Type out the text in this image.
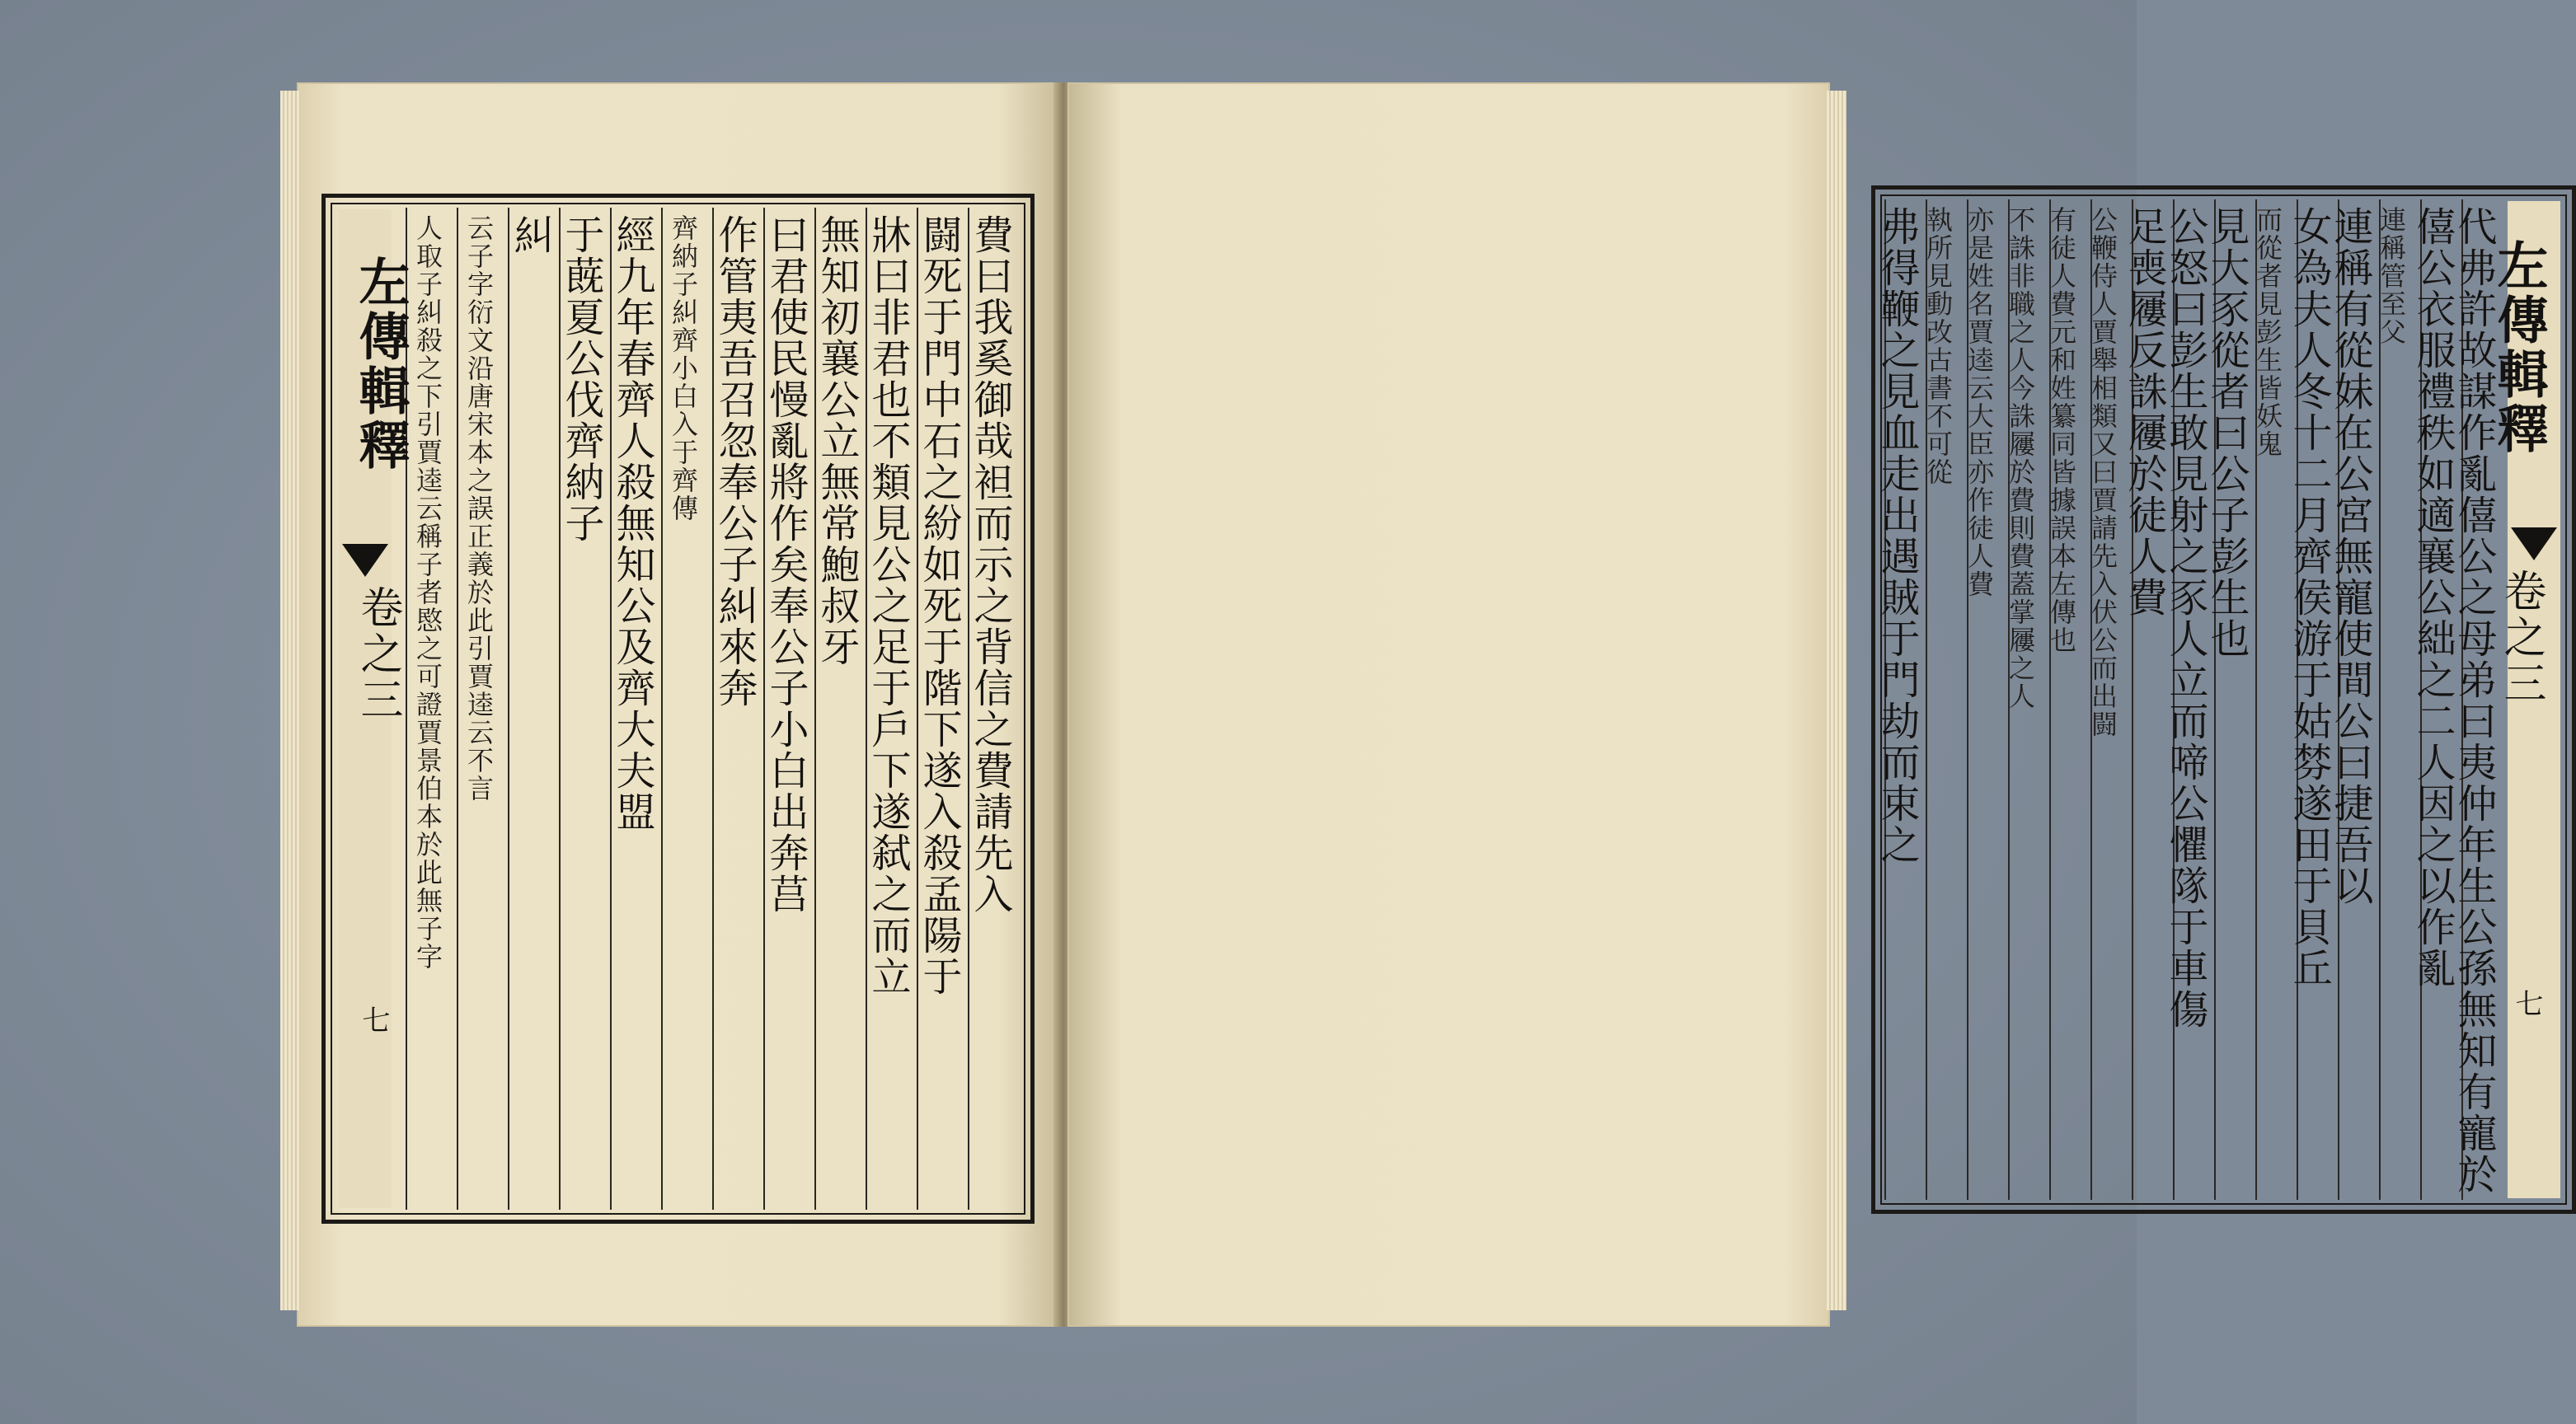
費曰我奚御哉袒而示之背信之費請先入
闘死于門中石之紛如死于階下遂入殺孟陽于
牀曰非君也不類見公之足于戶下遂弑之而立
無知初襄公立無常鮑叔牙
曰君使民慢亂將作矣奉公子小白出奔莒
作管夷吾召忽奉公子糾來奔
齊納子糾齊小白入于齊傳
經九年春齊人殺無知公及齊大夫盟
于蔇夏公伐齊納子
糾
云子字衍文沿唐宋本之誤正義於此引賈逵云不言
人取子糾殺之下引賈逵云稱子者愍之可證賈景伯本於此無子字
左傳輯釋
卷之三
七	代弗許故謀作亂僖公之母弟曰夷仲年生公孫無知有寵於
僖公衣服禮秩如適襄公絀之二人因之以作亂
連稱管至父
連稱有從妹在公宮無寵使間公曰捷吾以
女為夫人冬十二月齊侯游于姑棼遂田于貝丘
而從者見彭生皆妖鬼
見大豕從者曰公子彭生也
公怒曰彭生敢見射之豕人立而啼公懼隊于車傷
足喪屨反誅屨於徒人費
公鞭侍人賈舉相類又曰賈請先入伏公而出闘
有徒人費元和姓纂同皆據誤本左傳也
不誅非職之人今誅屨於費則費蓋掌屨之人
亦是姓名賈逵云大臣亦作徒人費
執所見動改古書不可從
弗得鞭之見血走出遇賊于門劫而束之	左傳輯釋
卷之三
七
